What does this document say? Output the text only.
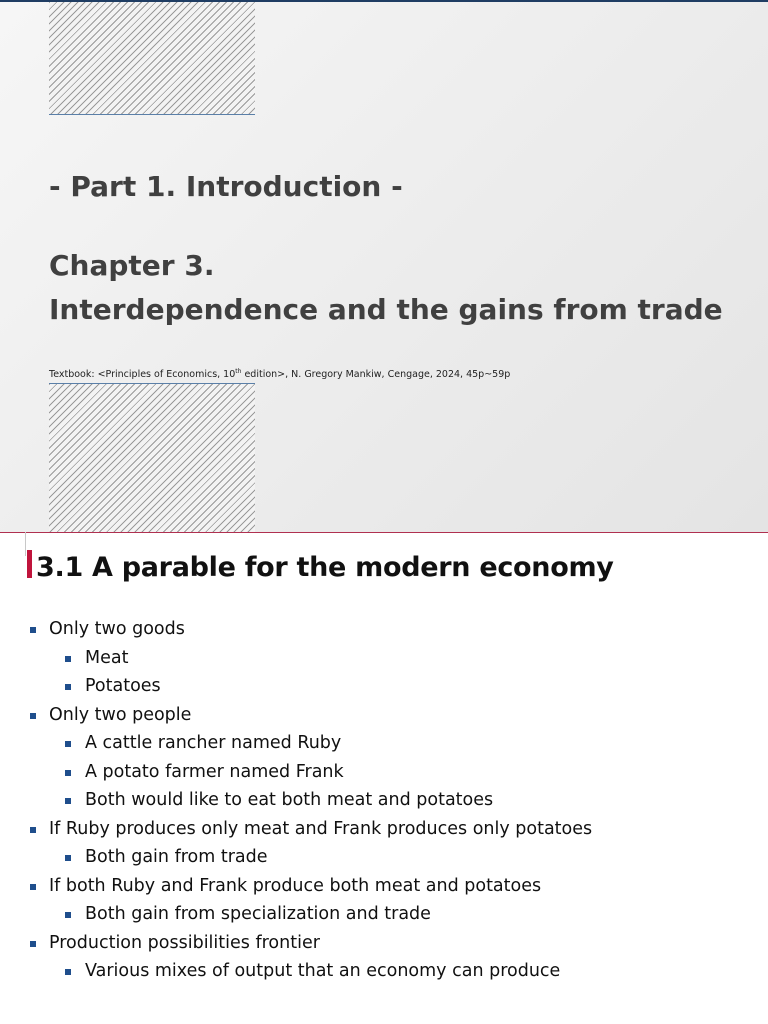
- Part 1. Introduction -
Chapter 3.
Interdependence and the gains from trade
Textbook: <Principles of Economics, 10th edition>, N. Gregory Mankiw, Cengage, 2024, 45p~59p
3.1 A parable for the modern economy
Only two goods
Meat
Potatoes
Only two people
A cattle rancher named Ruby
A potato farmer named Frank
Both would like to eat both meat and potatoes
If Ruby produces only meat and Frank produces only potatoes
Both gain from trade
If both Ruby and Frank produce both meat and potatoes
Both gain from specialization and trade
Production possibilities frontier
Various mixes of output that an economy can produce
